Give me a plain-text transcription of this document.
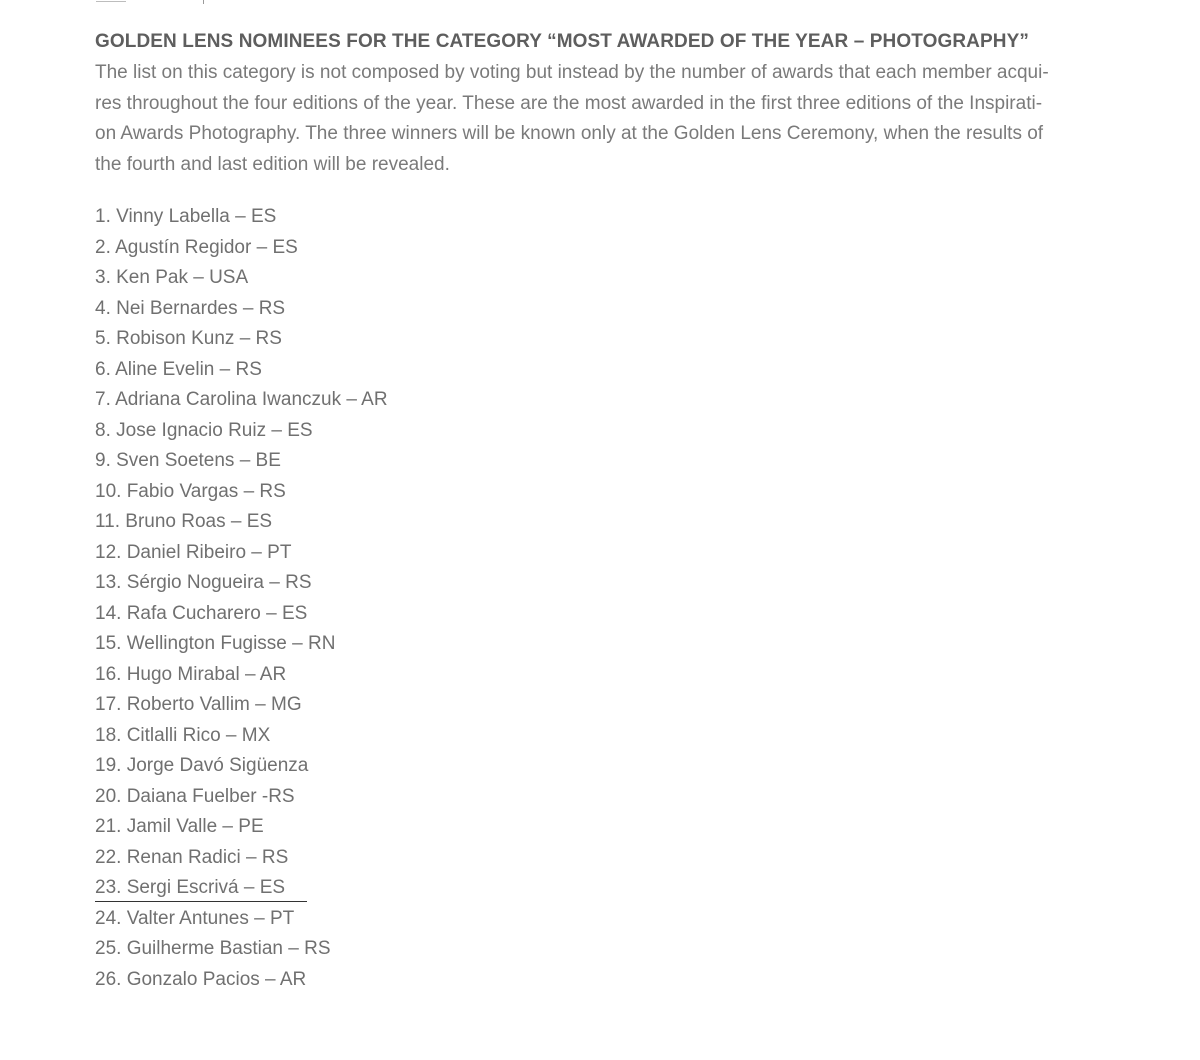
GOLDEN LENS NOMINEES FOR THE CATEGORY “MOST AWARDED OF THE YEAR – PHOTOGRAPHY”

The list on this category is not composed by voting but instead by the number of awards that each member acqui-
res throughout the four editions of the year. These are the most awarded in the first three editions of the Inspirati-
on Awards Photography. The three winners will be known only at the Golden Lens Ceremony, when the results of
the fourth and last edition will be revealed.

1. Vinny Labella – ES
2. Agustín Regidor – ES
3. Ken Pak – USA
4. Nei Bernardes – RS
5. Robison Kunz – RS
6. Aline Evelin – RS
7. Adriana Carolina Iwanczuk – AR
8. Jose Ignacio Ruiz – ES
9. Sven Soetens – BE
10. Fabio Vargas – RS
11. Bruno Roas – ES
12. Daniel Ribeiro – PT
13. Sérgio Nogueira – RS
14. Rafa Cucharero – ES
15. Wellington Fugisse – RN
16. Hugo Mirabal – AR
17. Roberto Vallim – MG
18. Citlalli Rico – MX
19. Jorge Davó Sigüenza
20. Daiana Fuelber -RS
21. Jamil Valle – PE
22. Renan Radici – RS
23. Sergi Escrivá – ES
24. Valter Antunes – PT
25. Guilherme Bastian – RS
26. Gonzalo Pacios – AR
